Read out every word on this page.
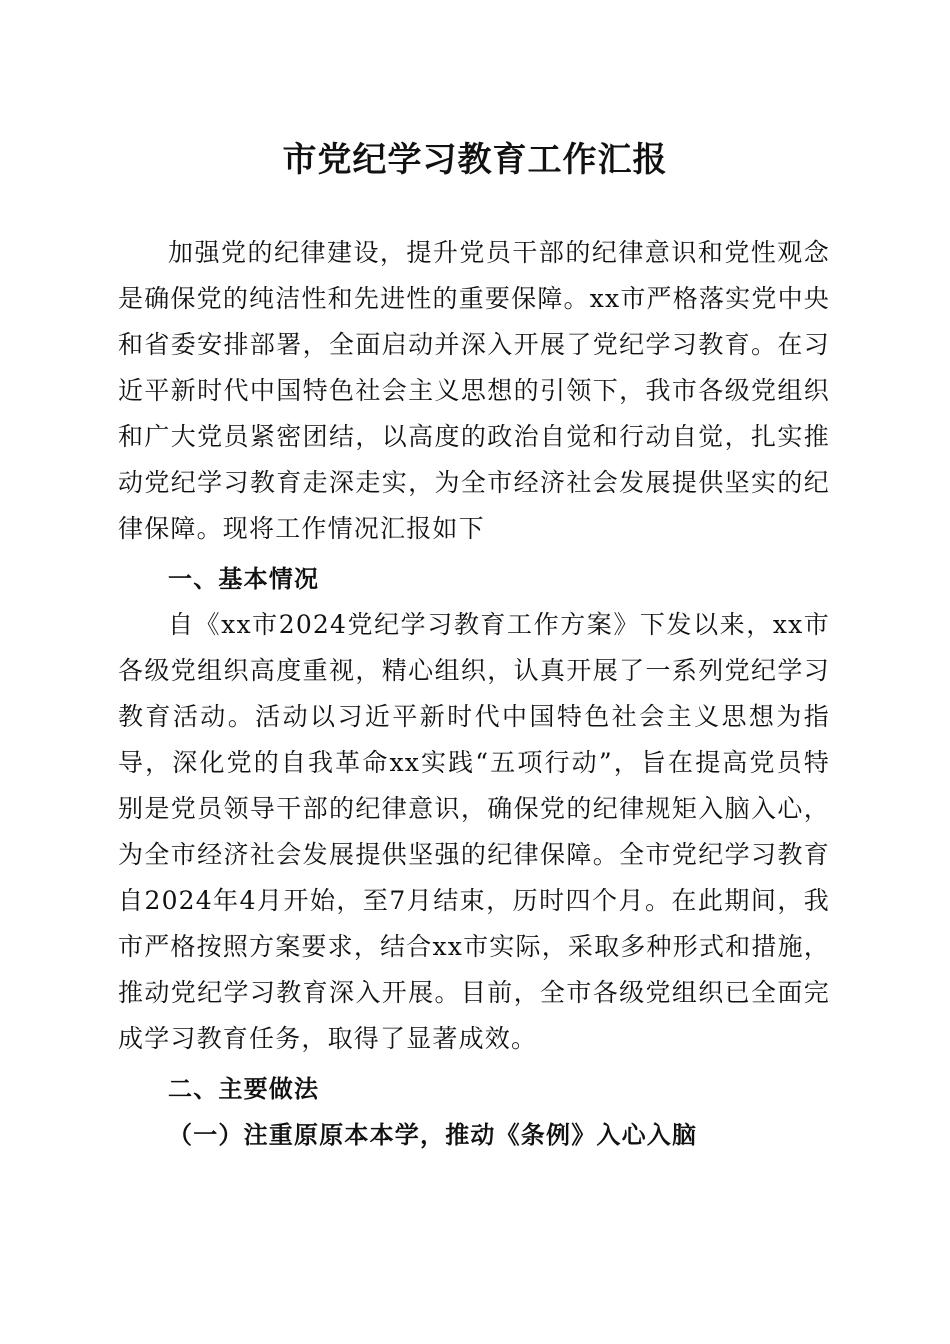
市党纪学习教育工作汇报

加强党的纪律建设，提升党员干部的纪律意识和党性观念是确保党的纯洁性和先进性的重要保障。xx市严格落实党中央和省委安排部署，全面启动并深入开展了党纪学习教育。在习近平新时代中国特色社会主义思想的引领下，我市各级党组织和广大党员紧密团结，以高度的政治自觉和行动自觉，扎实推动党纪学习教育走深走实，为全市经济社会发展提供坚实的纪律保障。现将工作情况汇报如下

一、基本情况

自《xx市2024党纪学习教育工作方案》下发以来，xx市各级党组织高度重视，精心组织，认真开展了一系列党纪学习教育活动。活动以习近平新时代中国特色社会主义思想为指导，深化党的自我革命xx实践“五项行动”，旨在提高党员特别是党员领导干部的纪律意识，确保党的纪律规矩入脑入心，为全市经济社会发展提供坚强的纪律保障。全市党纪学习教育自2024年4月开始，至7月结束，历时四个月。在此期间，我市严格按照方案要求，结合xx市实际，采取多种形式和措施，推动党纪学习教育深入开展。目前，全市各级党组织已全面完成学习教育任务，取得了显著成效。

二、主要做法

（一）注重原原本本学，推动《条例》入心入脑
